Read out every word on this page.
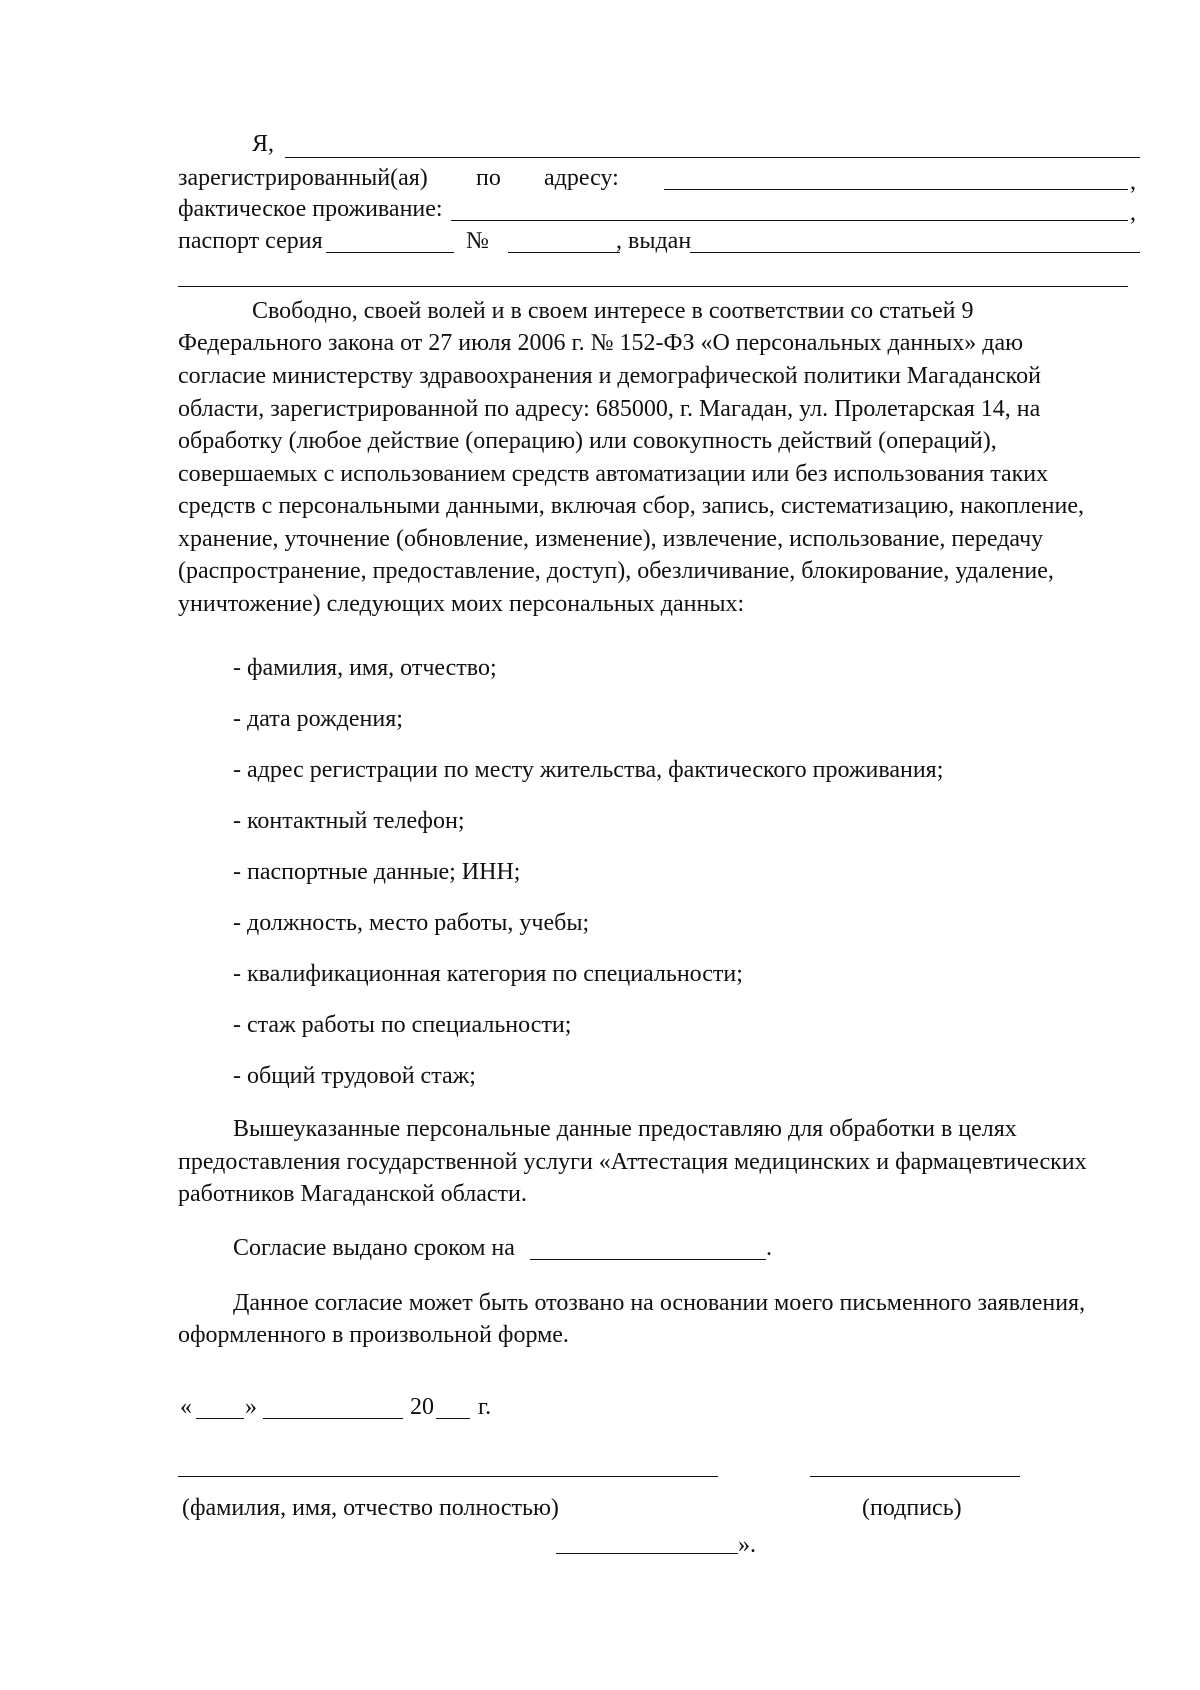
Я,
зарегистрированный(ая) по адресу:	,
фактическое проживание:	,
паспорт серия	№	, выдан
Свободно, своей волей и в своем интересе в соответствии со статьей 9
Федерального закона от 27 июля 2006 г. № 152-ФЗ «О персональных данных» даю
согласие министерству здравоохранения и демографической политики Магаданской
области, зарегистрированной по адресу: 685000, г. Магадан, ул. Пролетарская 14, на
обработку (любое действие (операцию) или совокупность действий (операций),
совершаемых с использованием средств автоматизации или без использования таких
средств с персональными данными, включая сбор, запись, систематизацию, накопление,
хранение, уточнение (обновление, изменение), извлечение, использование, передачу
(распространение, предоставление, доступ), обезличивание, блокирование, удаление,
уничтожение) следующих моих персональных данных:
- фамилия, имя, отчество;
- дата рождения;
- адрес регистрации по месту жительства, фактического проживания;
- контактный телефон;
- паспортные данные; ИНН;
- должность, место работы, учебы;
- квалификационная категория по специальности;
- стаж работы по специальности;
- общий трудовой стаж;
Вышеуказанные персональные данные предоставляю для обработки в целях
предоставления государственной услуги «Аттестация медицинских и фармацевтических
работников Магаданской области.
Согласие выдано сроком на	.
Данное согласие может быть отозвано на основании моего письменного заявления,
оформленного в произвольной форме.
« »	20 г.
(фамилия, имя, отчество полностью)	(подпись)
».
